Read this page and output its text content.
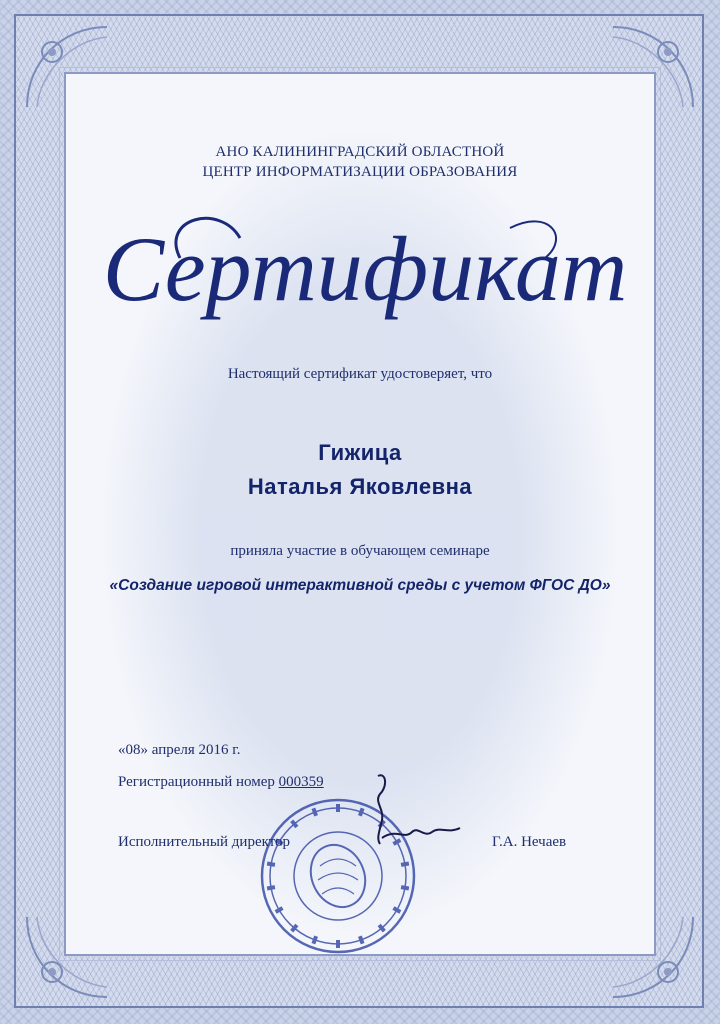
АНО КАЛИНИНГРАДСКИЙ ОБЛАСТНОЙ
ЦЕНТР ИНФОРМАТИЗАЦИИ ОБРАЗОВАНИЯ
Сертификат
Настоящий сертификат удостоверяет, что
Гижица
Наталья Яковлевна
приняла участие в обучающем семинаре
«Создание игровой интерактивной среды с учетом ФГОС ДО»
«08» апреля 2016 г.
Регистрационный номер 000359
Исполнительный директор	Г.А. Нечаев
